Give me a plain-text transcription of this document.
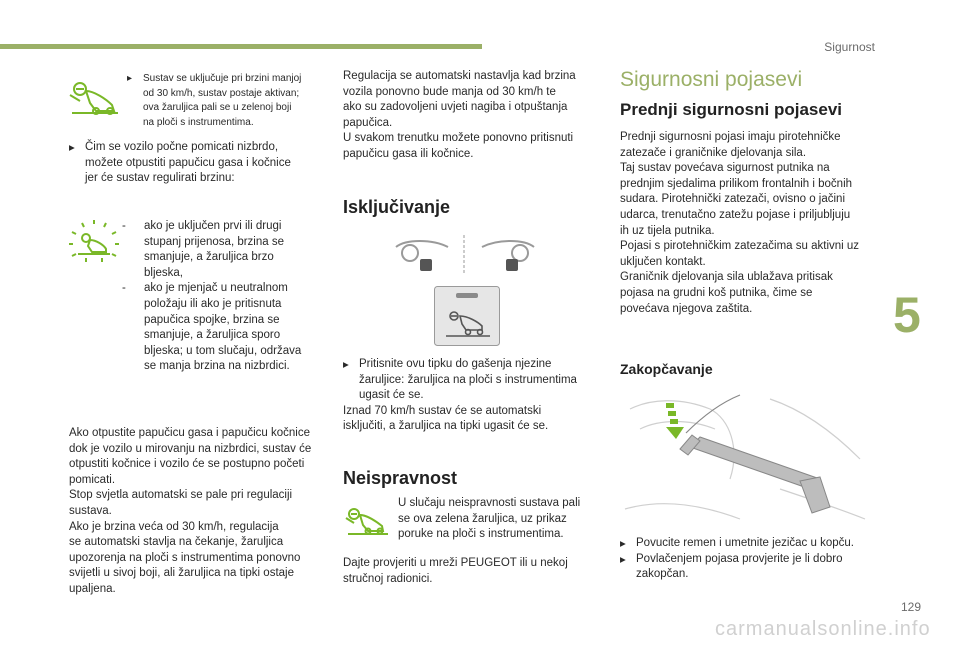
Sigurnost
5
129
carmanualsonline.info
▸	Sustav se uključuje pri brzini manjoj
od 30 km/h, sustav postaje aktivan;
ova žaruljica pali se u zelenoj boji
na ploči s instrumentima.
▸ Čim se vozilo počne pomicati nizbrdo,
možete otpustiti papučicu gasa i kočnice
jer će sustav regulirati brzinu:
-	ako je uključen prvi ili drugi
stupanj prijenosa, brzina se
smanjuje, a žaruljica brzo
bljeska,
-	ako je mjenjač u neutralnom
položaju ili ako je pritisnuta
papučica spojke, brzina se
smanjuje, a žaruljica sporo
bljeska; u tom slučaju, održava
se manja brzina na nizbrdici.
Ako otpustite papučicu gasa i papučicu kočnice
dok je vozilo u mirovanju na nizbrdici, sustav će
otpustiti kočnice i vozilo će se postupno početi
pomicati.
Stop svjetla automatski se pale pri regulaciji
sustava.
Ako je brzina veća od 30 km/h, regulacija
se automatski stavlja na čekanje, žaruljica
upozorenja na ploči s instrumentima ponovno
svijetli u sivoj boji, ali žaruljica na tipki ostaje
upaljena.
Regulacija se automatski nastavlja kad brzina
vozila ponovno bude manja od 30 km/h te
ako su zadovoljeni uvjeti nagiba i otpuštanja
papučica.
U svakom trenutku možete ponovno pritisnuti
papučicu gasa ili kočnice.
Isključivanje
▸ Pritisnite ovu tipku do gašenja njezine
žaruljice: žaruljica na ploči s instrumentima
ugasit će se.
Iznad 70 km/h sustav će se automatski
isključiti, a žaruljica na tipki ugasit će se.
Neispravnost
U slučaju neispravnosti sustava pali
se ova zelena žaruljica, uz prikaz
poruke na ploči s instrumentima.
Dajte provjeriti u mreži PEUGEOT ili u nekoj
stručnoj radionici.
Sigurnosni pojasevi
Prednji sigurnosni pojasevi
Prednji sigurnosni pojasi imaju pirotehničke
zatezače i graničnike djelovanja sila.
Taj sustav povećava sigurnost putnika na
prednjim sjedalima prilikom frontalnih i bočnih
sudara. Pirotehnički zatezači, ovisno o jačini
udarca, trenutačno zatežu pojase i priljubljuju
ih uz tijela putnika.
Pojasi s pirotehničkim zatezačima su aktivni uz
uključen kontakt.
Graničnik djelovanja sila ublažava pritisak
pojasa na grudni koš putnika, čime se
povećava njegova zaštita.
Zakopčavanje
▸ Povucite remen i umetnite jezičac u kopču.
▸ Povlačenjem pojasa provjerite je li dobro
zakopčan.
